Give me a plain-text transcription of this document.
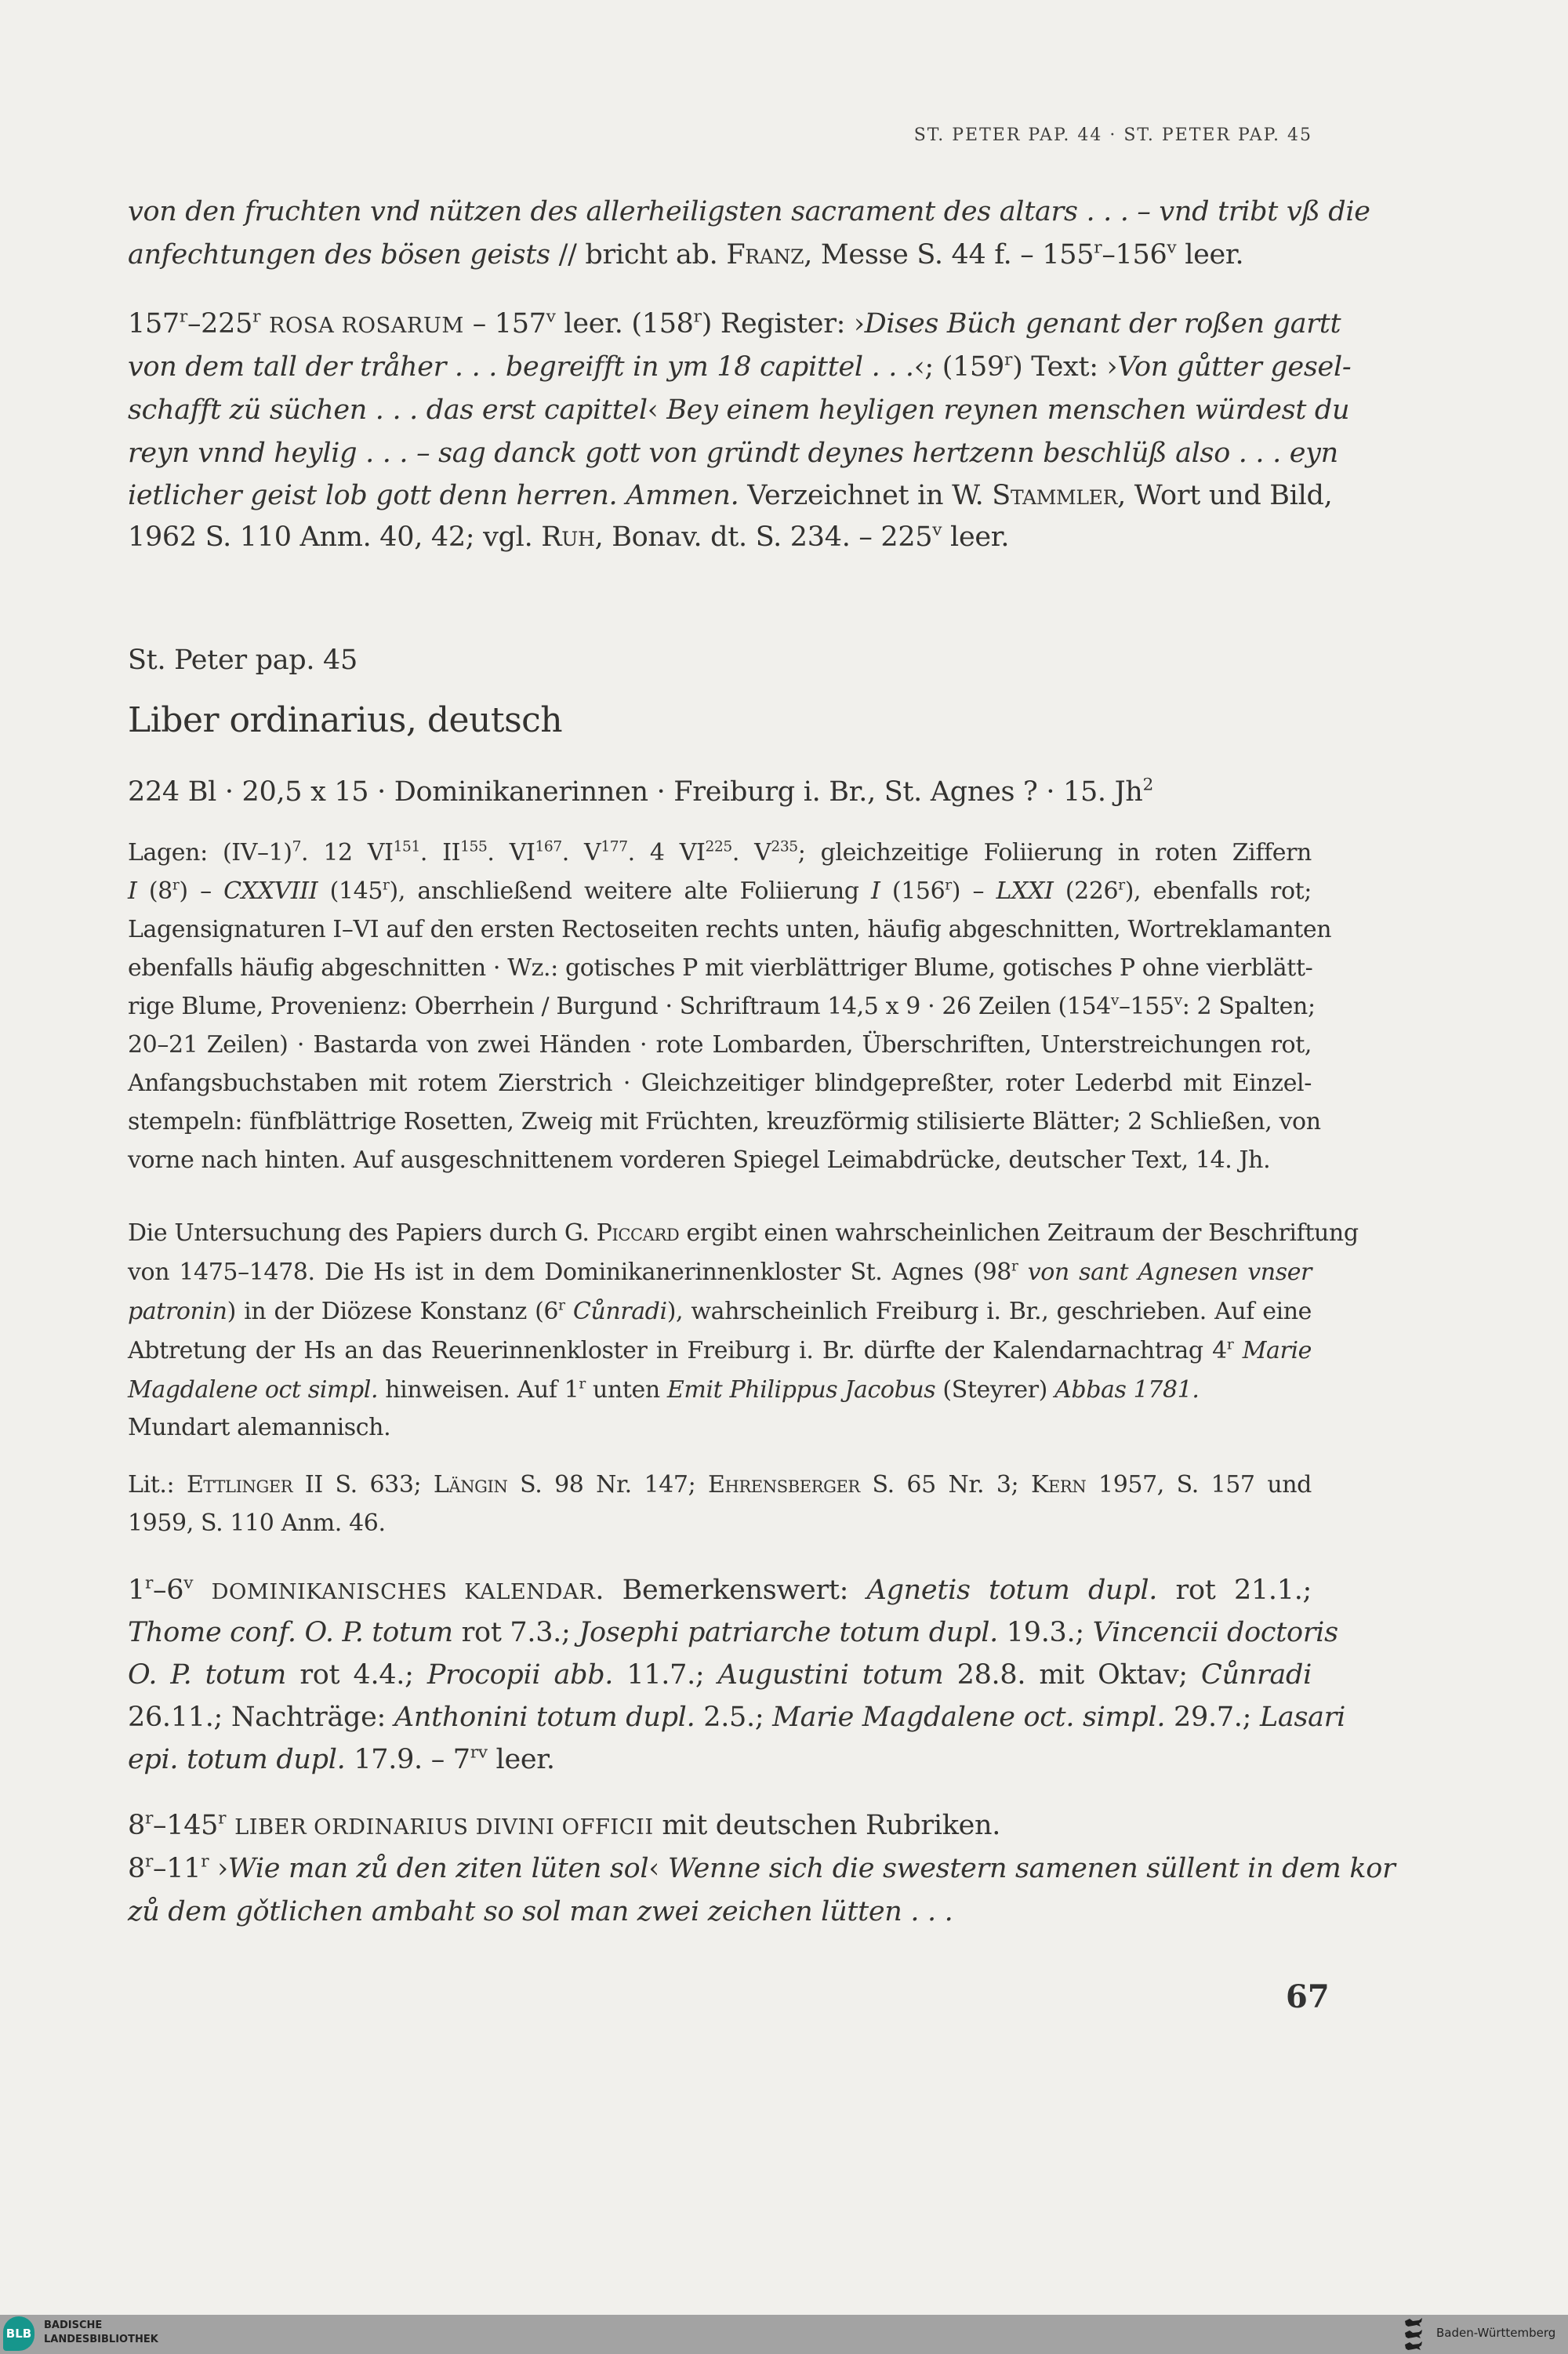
ST. PETER PAP. 44 · ST. PETER PAP. 45
von den fruchten vnd nützen des allerheiligsten sacrament des altars . . . – vnd tribt vß die
anfechtungen des bösen geists // bricht ab. Franz, Messe S. 44 f. – 155$^r$–156$^v$ leer.
157$^r$–225$^r$ ROSA ROSARUM – 157$^v$ leer. (158$^r$) Register: ›Dises Büch genant der roßen gartt
von dem tall der tråher . . . begreifft in ym 18 capittel . . .‹; (159$^r$) Text: ›Von gůtter gesel-
schafft zü süchen . . . das erst capittel‹ Bey einem heyligen reynen menschen würdest du
reyn vnnd heylig . . . – sag danck gott von gründt deynes hertzenn beschlüß also . . . eyn
ietlicher geist lob gott denn herren. Ammen. Verzeichnet in W. Stammler, Wort und Bild,
1962 S. 110 Anm. 40, 42; vgl. Ruh, Bonav. dt. S. 234. – 225$^v$ leer.
St. Peter pap. 45
Liber ordinarius, deutsch
224 Bl · 20,5 x 15 · Dominikanerinnen · Freiburg i. Br., St. Agnes ? · 15. Jh$^2$
Lagen: $(IV-1)^7$. 12 VI$^{151}$. II$^{155}$. VI$^{167}$. $V^{177}$. 4 VI$^{225}$. $V^{235}$; gleichzeitige Foliierung in roten Ziffern
I (8$^r$) – CXXVIII (145$^r$), anschließend weitere alte Foliierung I (156$^r$) – LXXI (226$^r$), ebenfalls rot;
Lagensignaturen I–VI auf den ersten Rectoseiten rechts unten, häufig abgeschnitten, Wortreklamanten
ebenfalls häufig abgeschnitten · Wz.: gotisches P mit vierblättriger Blume, gotisches P ohne vierblätt-
rige Blume, Provenienz: Oberrhein / Burgund · Schriftraum 14,5 x 9 · 26 Zeilen (154$^v$–155$^v$: 2 Spalten;
20–21 Zeilen) · Bastarda von zwei Händen · rote Lombarden, Überschriften, Unterstreichungen rot,
Anfangsbuchstaben mit rotem Zierstrich · Gleichzeitiger blindgepreßter, roter Lederbd mit Einzel-
stempeln: fünfblättrige Rosetten, Zweig mit Früchten, kreuzförmig stilisierte Blätter; 2 Schließen, von
vorne nach hinten. Auf ausgeschnittenem vorderen Spiegel Leimabdrücke, deutscher Text, 14. Jh.
Die Untersuchung des Papiers durch G. Piccard ergibt einen wahrscheinlichen Zeitraum der Beschriftung
von 1475–1478. Die Hs ist in dem Dominikanerinnenkloster St. Agnes (98$^r$ von sant Agnesen vnser
patronin) in der Diözese Konstanz (6$^r$ Cůnradi), wahrscheinlich Freiburg i. Br., geschrieben. Auf eine
Abtretung der Hs an das Reuerinnenkloster in Freiburg i. Br. dürfte der Kalendarnachtrag 4$^r$ Marie
Magdalene oct simpl. hinweisen. Auf 1$^r$ unten Emit Philippus Jacobus (Steyrer) Abbas 1781.
Mundart alemannisch.
Lit.: Ettlinger II S. 633; Längin S. 98 Nr. 147; Ehrensberger S. 65 Nr. 3; Kern 1957, S. 157 und
1959, S. 110 Anm. 46.
1$^r$–6$^v$ DOMINIKANISCHES KALENDAR. Bemerkenswert: Agnetis totum dupl. rot 21.1.;
Thome conf. O. P. totum rot 7.3.; Josephi patriarche totum dupl. 19.3.; Vincencii doctoris
O. P. totum rot 4.4.; Procopii abb. 11.7.; Augustini totum 28.8. mit Oktav; Cůnradi
26.11.; Nachträge: Anthonini totum dupl. 2.5.; Marie Magdalene oct. simpl. 29.7.; Lasari
epi. totum dupl. 17.9. – $7^{rv}$ leer.
8$^r$–145$^r$ LIBER ORDINARIUS DIVINI OFFICII mit deutschen Rubriken.
8$^r$–11$^r$ ›Wie man zů den ziten lüten sol‹ Wenne sich die swestern samenen süllent in dem kor
zů dem gǒtlichen ambaht so sol man zwei zeichen lütten . . .
67
BLB
BADISCHE
LANDESBIBLIOTHEK	Baden-Württemberg
